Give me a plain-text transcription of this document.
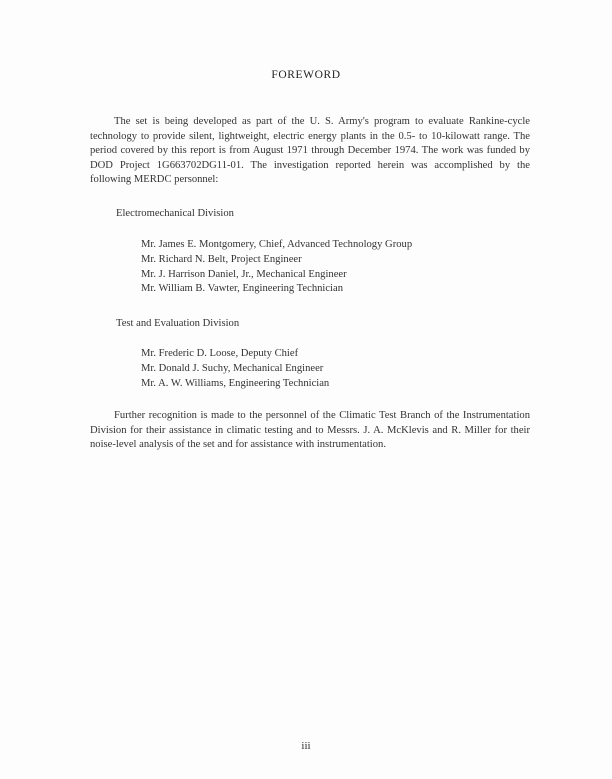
FOREWORD
The set is being developed as part of the U. S. Army's program to evaluate Rankine-cycle technology to provide silent, lightweight, electric energy plants in the 0.5- to 10-kilowatt range. The period covered by this report is from August 1971 through December 1974. The work was funded by DOD Project 1G663702DG11-01. The investigation reported herein was accomplished by the following MERDC personnel:
Electromechanical Division
Mr. James E. Montgomery, Chief, Advanced Technology Group
Mr. Richard N. Belt, Project Engineer
Mr. J. Harrison Daniel, Jr., Mechanical Engineer
Mr. William B. Vawter, Engineering Technician
Test and Evaluation Division
Mr. Frederic D. Loose, Deputy Chief
Mr. Donald J. Suchy, Mechanical Engineer
Mr. A. W. Williams, Engineering Technician
Further recognition is made to the personnel of the Climatic Test Branch of the Instrumentation Division for their assistance in climatic testing and to Messrs. J. A. McKlevis and R. Miller for their noise-level analysis of the set and for assistance with instrumentation.
iii
